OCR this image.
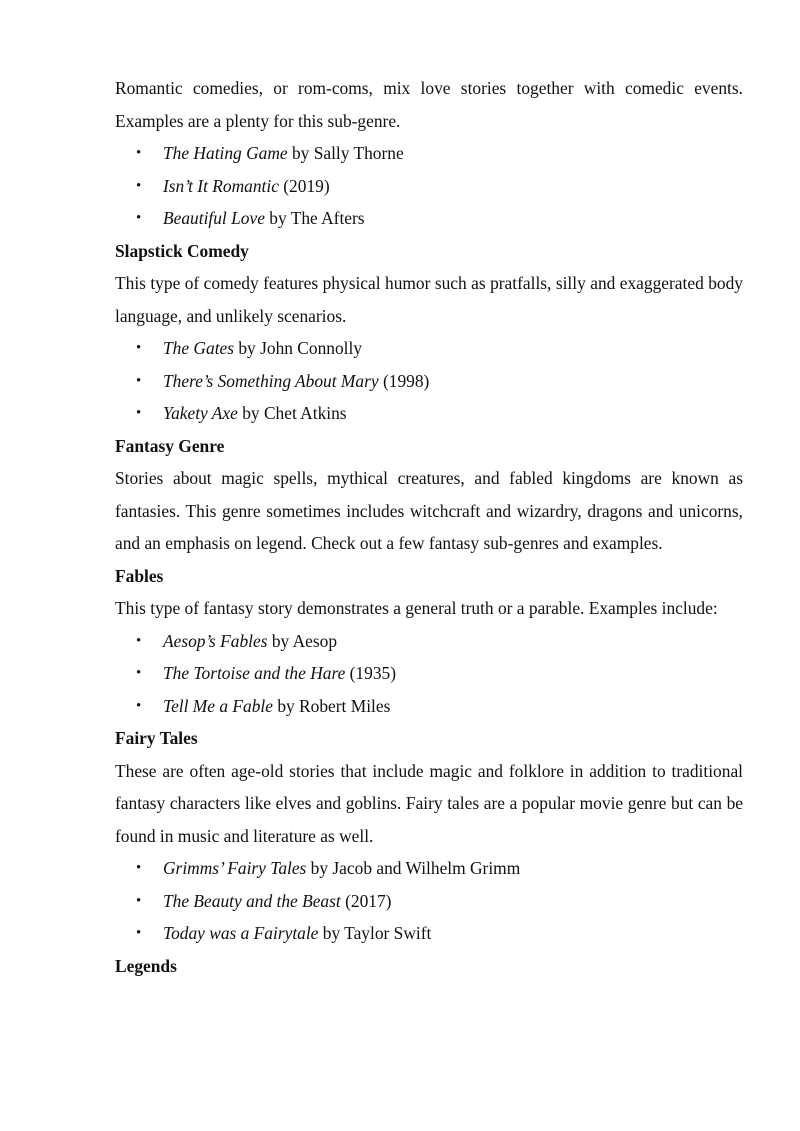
Romantic comedies, or rom-coms, mix love stories together with comedic events. Examples are a plenty for this sub-genre.

• The Hating Game by Sally Thorne
• Isn’t It Romantic (2019)
• Beautiful Love by The Afters

Slapstick Comedy

This type of comedy features physical humor such as pratfalls, silly and exaggerated body language, and unlikely scenarios.

• The Gates by John Connolly
• There’s Something About Mary (1998)
• Yakety Axe by Chet Atkins

Fantasy Genre

Stories about magic spells, mythical creatures, and fabled kingdoms are known as fantasies. This genre sometimes includes witchcraft and wizardry, dragons and unicorns, and an emphasis on legend. Check out a few fantasy sub-genres and examples.

Fables

This type of fantasy story demonstrates a general truth or a parable. Examples include:

• Aesop’s Fables by Aesop
• The Tortoise and the Hare (1935)
• Tell Me a Fable by Robert Miles

Fairy Tales

These are often age-old stories that include magic and folklore in addition to traditional fantasy characters like elves and goblins. Fairy tales are a popular movie genre but can be found in music and literature as well.

• Grimms’ Fairy Tales by Jacob and Wilhelm Grimm
• The Beauty and the Beast (2017)
• Today was a Fairytale by Taylor Swift

Legends
